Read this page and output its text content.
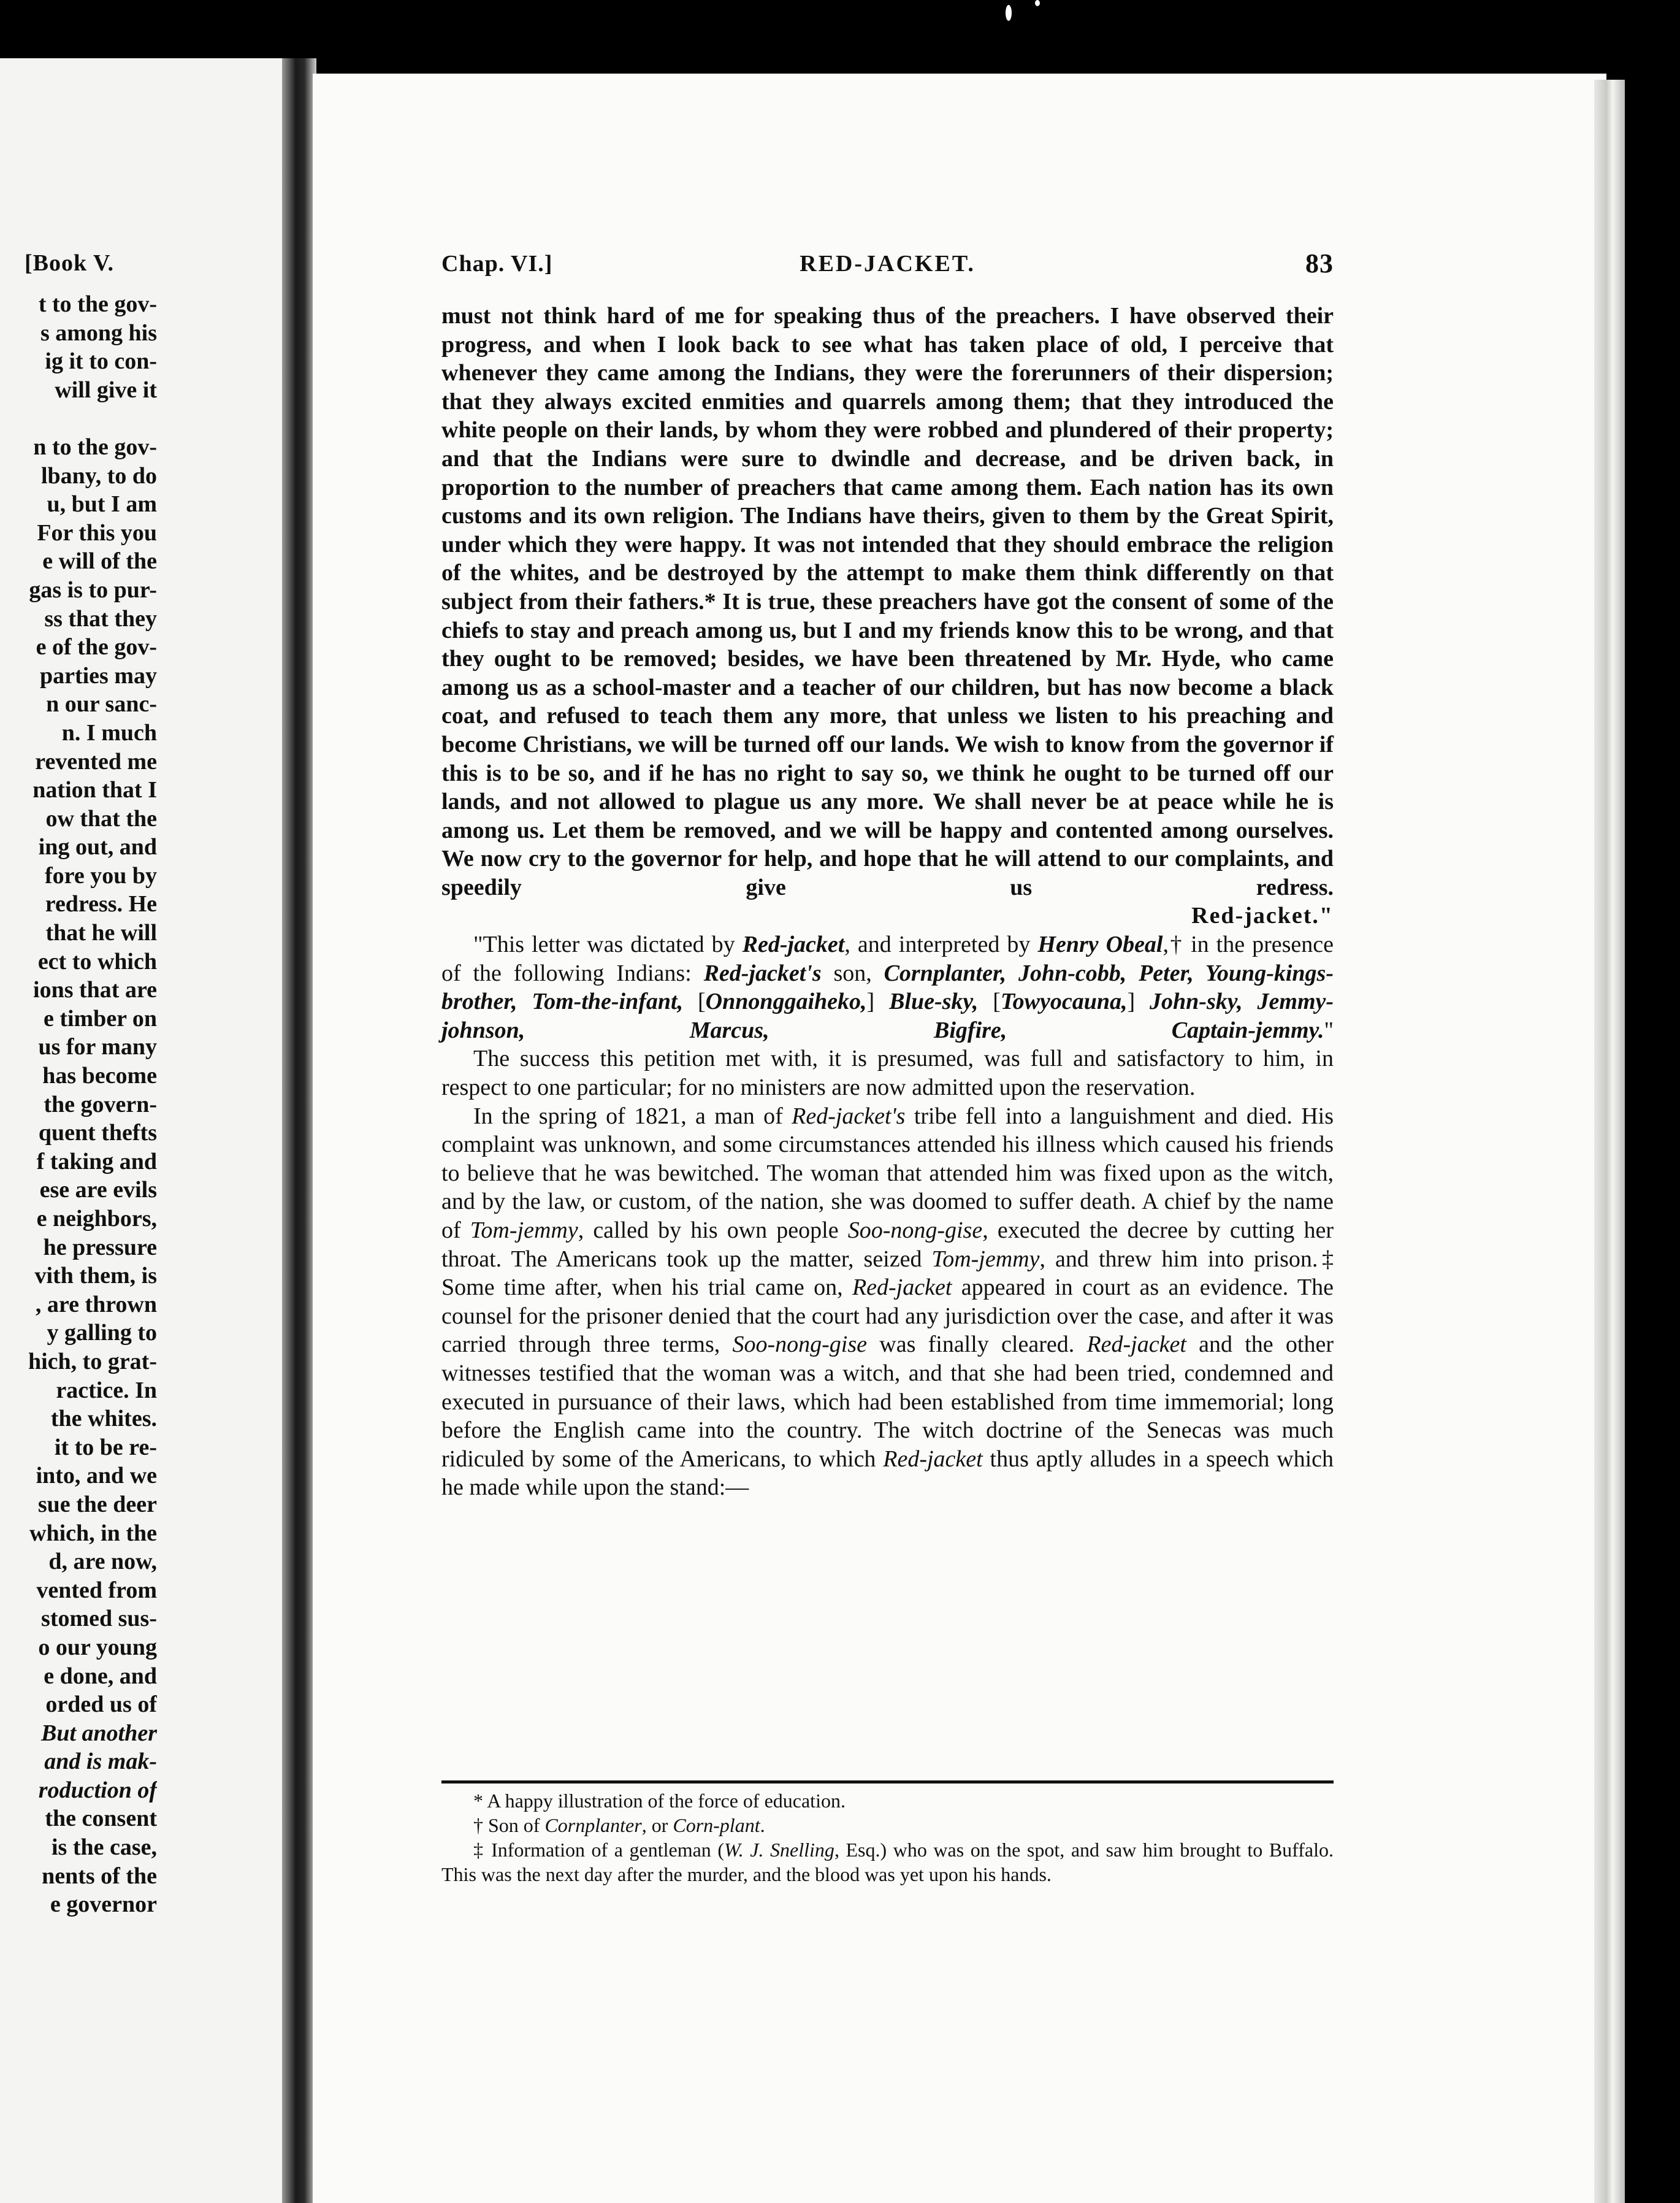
[Book V.
t to the gov-
s among his
ig it to con-
will give it

n to the gov-
lbany, to do
u, but I am
For this you
e will of the
gas is to pur-
ss that they
e of the gov-
parties may
n our sanc-
n. I much
revented me
nation that I
ow that the
ing out, and
fore you by
redress. He
that he will
ect to which
ions that are
e timber on
us for many
has become
the govern-
quent thefts
f taking and
ese are evils
e neighbors,
he pressure
vith them, is
, are thrown
y galling to
hich, to grat-
ractice. In
the whites.
it to be re-
into, and we
sue the deer
which, in the
d, are now,
vented from
stomed sus-
o our young
e done, and
orded us of
But another
and is mak-
roduction of
the consent
is the case,
nents of the
e governor
Chap. VI.]	RED-JACKET.	83

must not think hard of me for speaking thus of the preachers. I have observed their progress, and when I look back to see what has taken place of old, I perceive that whenever they came among the Indians, they were the forerunners of their dispersion; that they always excited enmities and quarrels among them; that they introduced the white people on their lands, by whom they were robbed and plundered of their property; and that the Indians were sure to dwindle and decrease, and be driven back, in proportion to the number of preachers that came among them. Each nation has its own customs and its own religion. The Indians have theirs, given to them by the Great Spirit, under which they were happy. It was not intended that they should embrace the religion of the whites, and be destroyed by the attempt to make them think differently on that subject from their fathers.* It is true, these preachers have got the consent of some of the chiefs to stay and preach among us, but I and my friends know this to be wrong, and that they ought to be removed; besides, we have been threatened by Mr. Hyde, who came among us as a school-master and a teacher of our children, but has now become a black coat, and refused to teach them any more, that unless we listen to his preaching and become Christians, we will be turned off our lands. We wish to know from the governor if this is to be so, and if he has no right to say so, we think he ought to be turned off our lands, and not allowed to plague us any more. We shall never be at peace while he is among us. Let them be removed, and we will be happy and contented among ourselves. We now cry to the governor for help, and hope that he will attend to our complaints, and speedily give us redress.

Red-jacket."

"This letter was dictated by Red-jacket, and interpreted by Henry Obeal,† in the presence of the following Indians: Red-jacket's son, Cornplanter, John-cobb, Peter, Young-kings-brother, Tom-the-infant, [Onnonggaiheko,] Blue-sky, [Towyocauna,] John-sky, Jemmy-johnson, Marcus, Bigfire, Captain-jemmy."

The success this petition met with, it is presumed, was full and satisfactory to him, in respect to one particular; for no ministers are now admitted upon the reservation.

In the spring of 1821, a man of Red-jacket's tribe fell into a languishment and died. His complaint was unknown, and some circumstances attended his illness which caused his friends to believe that he was bewitched. The woman that attended him was fixed upon as the witch, and by the law, or custom, of the nation, she was doomed to suffer death. A chief by the name of Tom-jemmy, called by his own people Soo-nong-gise, executed the decree by cutting her throat. The Americans took up the matter, seized Tom-jemmy, and threw him into prison.‡ Some time after, when his trial came on, Red-jacket appeared in court as an evidence. The counsel for the prisoner denied that the court had any jurisdiction over the case, and after it was carried through three terms, Soo-nong-gise was finally cleared. Red-jacket and the other witnesses testified that the woman was a witch, and that she had been tried, condemned and executed in pursuance of their laws, which had been established from time immemorial; long before the English came into the country. The witch doctrine of the Senecas was much ridiculed by some of the Americans, to which Red-jacket thus aptly alludes in a speech which he made while upon the stand:—

* A happy illustration of the force of education.
† Son of Cornplanter, or Corn-plant.
‡ Information of a gentleman (W. J. Snelling, Esq.) who was on the spot, and saw him brought to Buffalo. This was the next day after the murder, and the blood was yet upon his hands.
